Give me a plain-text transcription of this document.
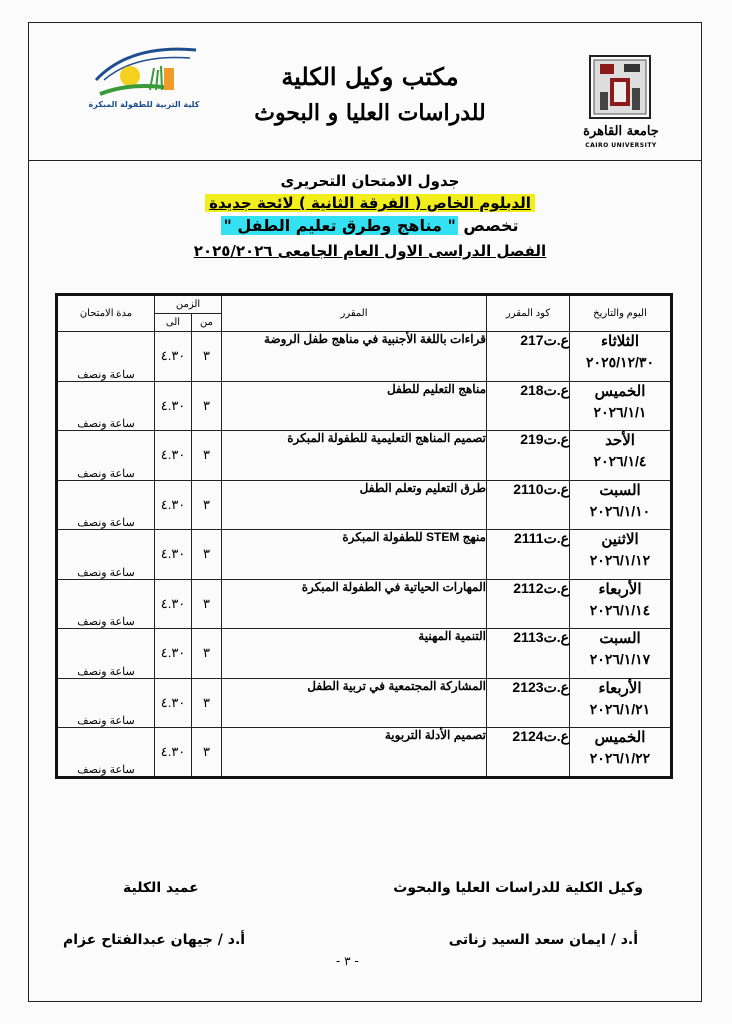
جامعة القاهرة
CAIRO UNIVERSITY
كلية التربية للطفولة المبكرة
مكتب وكيل الكلية
للدراسات العليا و البحوث
جدول الامتحان التحريرى
الدبلوم الخاص ( الفرقة الثانية ) لائحة جديدة
تخصص " مناهج وطرق تعليم الطفل "
الفصل الدراسى الاول العام الجامعى ٢٠٢٥/٢٠٢٦
اليوم والتاريخ	كود المقرر	المقرر	الزمن		مدة الامتحان
			من	الى	

الثلاثاء
٢٠٢٥/١٢/٣٠	ع.ت217	قراءات باللغة الأجنبية في مناهج طفل الروضة	٣	٤.٣٠	ساعة ونصف

الخميس
٢٠٢٦/١/١	ع.ت218	مناهج التعليم للطفل	٣	٤.٣٠	ساعة ونصف

الأحد
٢٠٢٦/١/٤	ع.ت219	تصميم المناهج التعليمية للطفولة المبكرة	٣	٤.٣٠	ساعة ونصف

السبت
٢٠٢٦/١/١٠	ع.ت2110	طرق التعليم وتعلم الطفل	٣	٤.٣٠	ساعة ونصف

الاثنين
٢٠٢٦/١/١٢	ع.ت2111	منهج STEM للطفولة المبكرة	٣	٤.٣٠	ساعة ونصف

الأربعاء
٢٠٢٦/١/١٤	ع.ت2112	المهارات الحياتية في الطفولة المبكرة	٣	٤.٣٠	ساعة ونصف

السبت
٢٠٢٦/١/١٧	ع.ت2113	التنمية المهنية	٣	٤.٣٠	ساعة ونصف

الأربعاء
٢٠٢٦/١/٢١	ع.ت2123	المشاركة المجتمعية في تربية الطفل	٣	٤.٣٠	ساعة ونصف

الخميس
٢٠٢٦/١/٢٢	ع.ت2124	تصميم الأدلة التربوية	٣	٤.٣٠	ساعة ونصف
وكيل الكلية للدراسات العليا والبحوث
عميد الكلية
أ.د / ايمان سعد السيد زناتى
أ.د / جيهان عبدالفتاح عزام
- ٣ -
